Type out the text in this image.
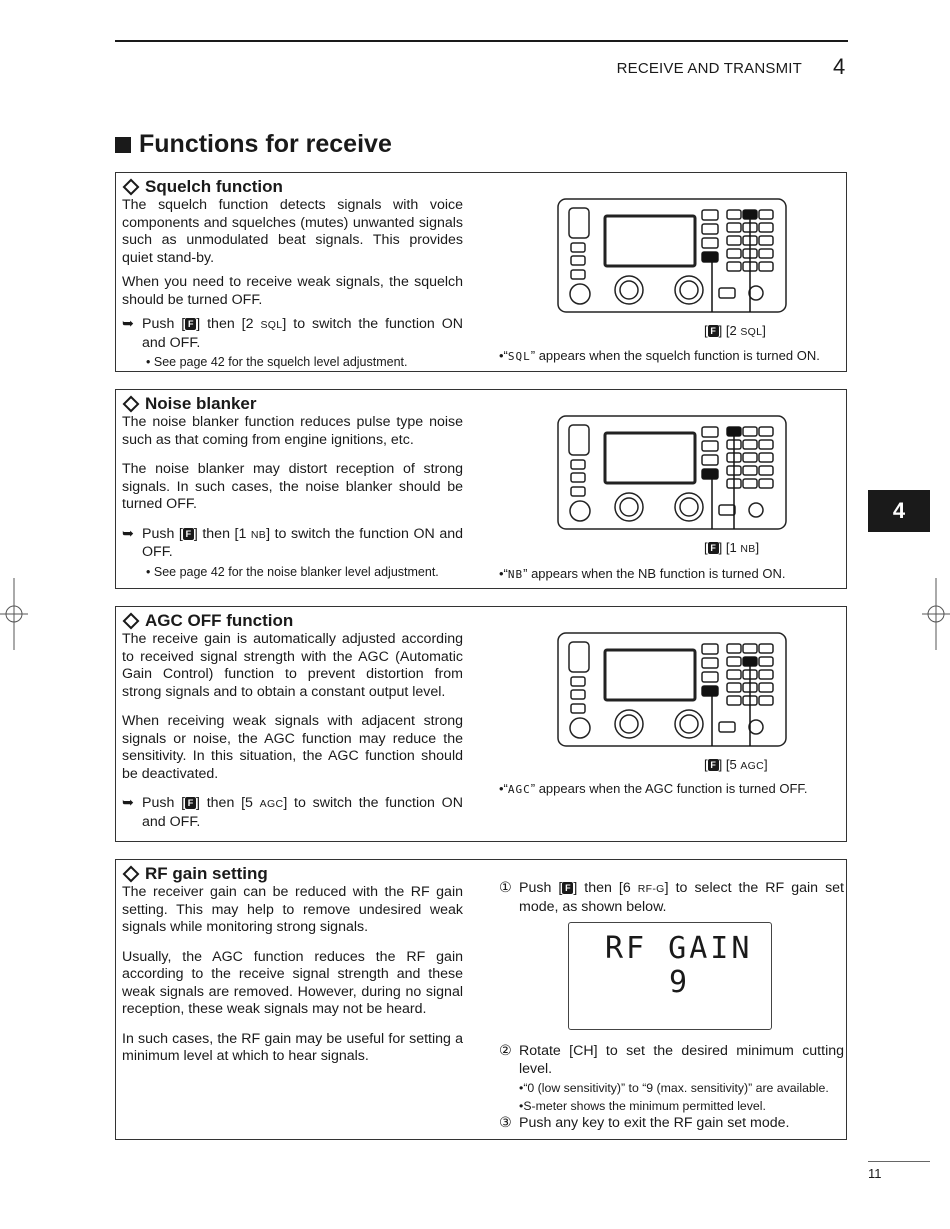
RECEIVE AND TRANSMIT 4
Functions for receive
4
Squelch function

The squelch function detects signals with voice components and squelches (mutes) unwanted signals such as unmodulated beat signals. This provides quiet stand-by.

When you need to receive weak signals, the squelch should be turned OFF.

➥ Push [ F ] then [2 SQL] to switch the function ON and OFF.
• See page 42 for the squelch level adjustment.
[ F ] [2 SQL]
•“SQL” appears when the squelch function is turned ON.
Noise blanker

The noise blanker function reduces pulse type noise such as that coming from engine ignitions, etc.

The noise blanker may distort reception of strong signals. In such cases, the noise blanker should be turned OFF.

➥ Push [ F ] then [1 NB] to switch the function ON and OFF.
• See page 42 for the noise blanker level adjustment.
[ F ] [1 NB]
•“NB” appears when the NB function is turned ON.
AGC OFF function

The receive gain is automatically adjusted according to received signal strength with the AGC (Automatic Gain Control) function to prevent distortion from strong signals and to obtain a constant output level.

When receiving weak signals with adjacent strong signals or noise, the AGC function may reduce the sensitivity. In this situation, the AGC function should be deactivated.

➥ Push [ F ] then [5 AGC] to switch the function ON and OFF.
[ F ] [5 AGC]
•“AGC” appears when the AGC function is turned OFF.
RF gain setting

The receiver gain can be reduced with the RF gain setting. This may help to remove undesired weak signals while monitoring strong signals.

Usually, the AGC function reduces the RF gain according to the receive signal strength and these weak signals are removed. However, during no signal reception, these weak signals may not be heard.

In such cases, the RF gain may be useful for setting a minimum level at which to hear signals.

① Push [ F ] then [6 RF-G] to select the RF gain set mode, as shown below.
RF GAIN
9
② Rotate [CH] to set the desired minimum cutting level.
•“0 (low sensitivity)” to “9 (max. sensitivity)” are available.
•S-meter shows the minimum permitted level.
③ Push any key to exit the RF gain set mode.
11
